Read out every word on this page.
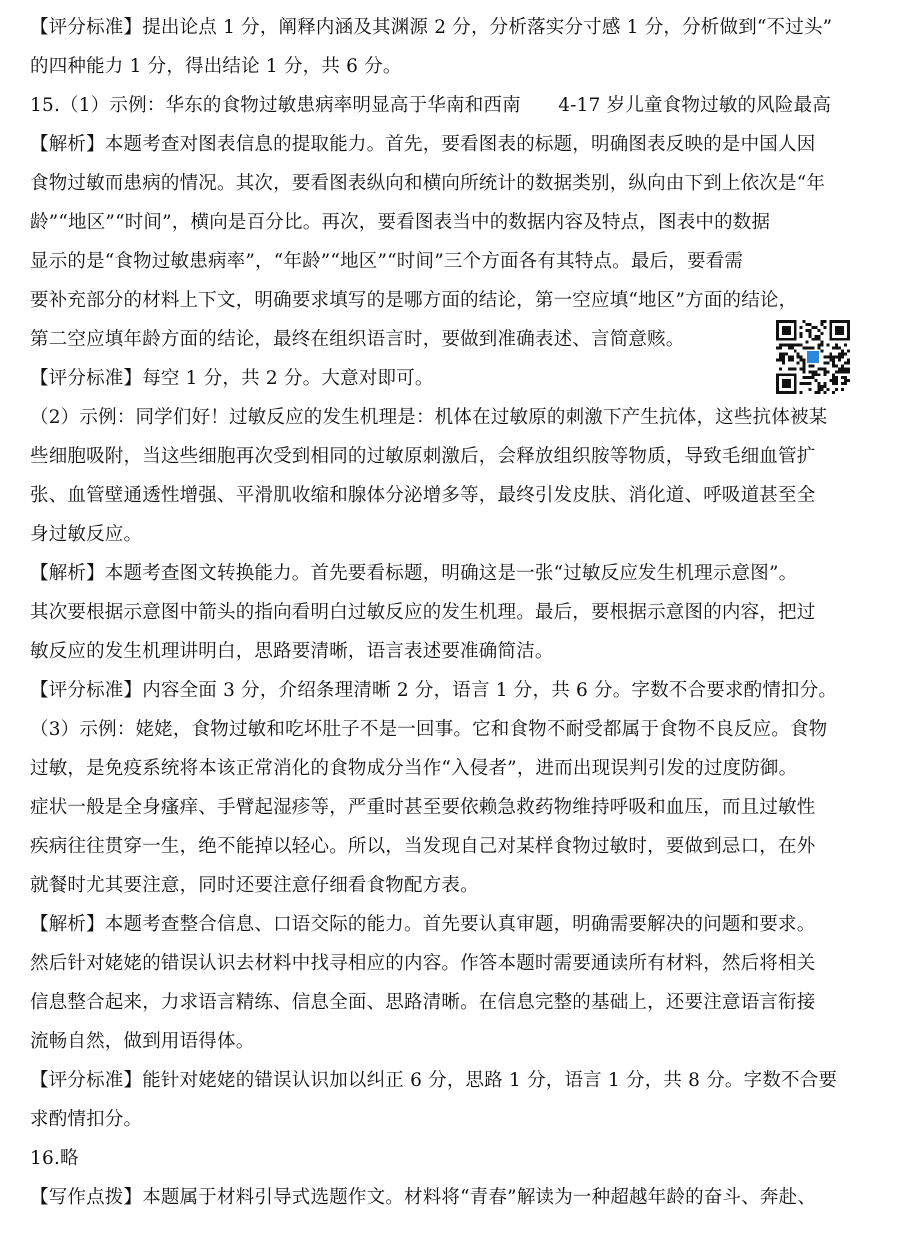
【评分标准】提出论点 1 分，阐释内涵及其渊源 2 分，分析落实分寸感 1 分，分析做到“不过头”
的四种能力 1 分，得出结论 1 分，共 6 分。
15.（1）示例：华东的食物过敏患病率明显高于华南和西南　　4-17 岁儿童食物过敏的风险最高
【解析】本题考查对图表信息的提取能力。首先，要看图表的标题，明确图表反映的是中国人因
食物过敏而患病的情况。其次，要看图表纵向和横向所统计的数据类别，纵向由下到上依次是“年
龄”“地区”“时间”，横向是百分比。再次，要看图表当中的数据内容及特点，图表中的数据
显示的是“食物过敏患病率”，“年龄”“地区”“时间”三个方面各有其特点。最后，要看需
要补充部分的材料上下文，明确要求填写的是哪方面的结论，第一空应填“地区”方面的结论，
第二空应填年龄方面的结论，最终在组织语言时，要做到准确表述、言简意赅。
【评分标准】每空 1 分，共 2 分。大意对即可。
（2）示例：同学们好！过敏反应的发生机理是：机体在过敏原的刺激下产生抗体，这些抗体被某
些细胞吸附，当这些细胞再次受到相同的过敏原刺激后，会释放组织胺等物质，导致毛细血管扩
张、血管壁通透性增强、平滑肌收缩和腺体分泌增多等，最终引发皮肤、消化道、呼吸道甚至全
身过敏反应。
【解析】本题考查图文转换能力。首先要看标题，明确这是一张“过敏反应发生机理示意图”。
其次要根据示意图中箭头的指向看明白过敏反应的发生机理。最后，要根据示意图的内容，把过
敏反应的发生机理讲明白，思路要清晰，语言表述要准确简洁。
【评分标准】内容全面 3 分，介绍条理清晰 2 分，语言 1 分，共 6 分。字数不合要求酌情扣分。
（3）示例：姥姥，食物过敏和吃坏肚子不是一回事。它和食物不耐受都属于食物不良反应。食物
过敏，是免疫系统将本该正常消化的食物成分当作“入侵者”，进而出现误判引发的过度防御。
症状一般是全身瘙痒、手臂起湿疹等，严重时甚至要依赖急救药物维持呼吸和血压，而且过敏性
疾病往往贯穿一生，绝不能掉以轻心。所以，当发现自己对某样食物过敏时，要做到忌口，在外
就餐时尤其要注意，同时还要注意仔细看食物配方表。
【解析】本题考查整合信息、口语交际的能力。首先要认真审题，明确需要解决的问题和要求。
然后针对姥姥的错误认识去材料中找寻相应的内容。作答本题时需要通读所有材料，然后将相关
信息整合起来，力求语言精练、信息全面、思路清晰。在信息完整的基础上，还要注意语言衔接
流畅自然，做到用语得体。
【评分标准】能针对姥姥的错误认识加以纠正 6 分，思路 1 分，语言 1 分，共 8 分。字数不合要
求酌情扣分。
16.略
【写作点拨】本题属于材料引导式选题作文。材料将“青春”解读为一种超越年龄的奋斗、奔赴、
